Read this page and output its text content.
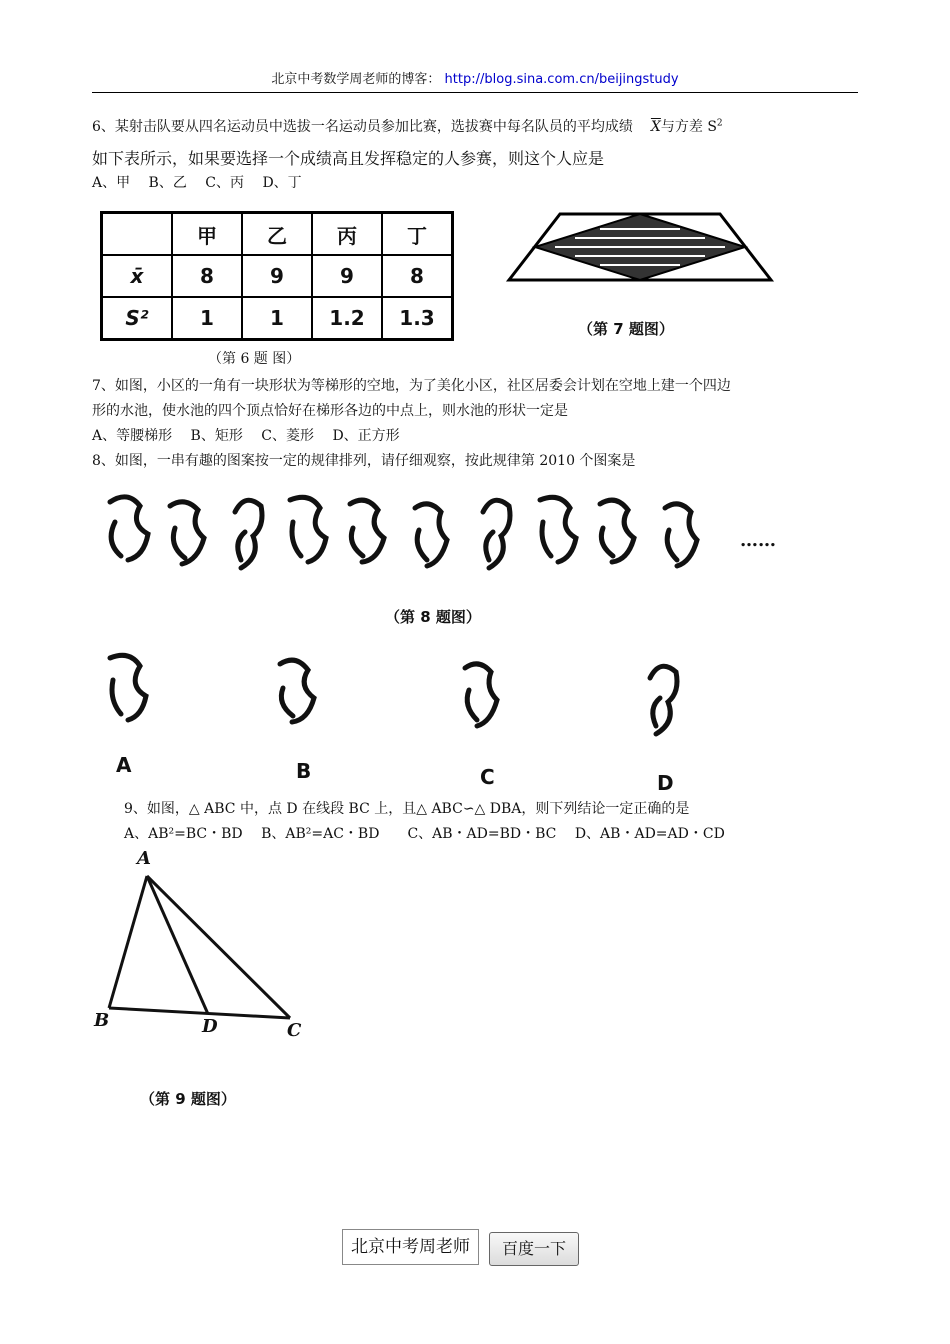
北京中考数学周老师的博客： http://blog.sina.com.cn/beijingstudy
6、某射击队要从四名运动员中选拔一名运动员参加比赛，选拔赛中每名队员的平均成绩 $\overline{X}$与方差 $S^2$
如下表所示，如果要选择一个成绩高且发挥稳定的人参赛，则这个人应是
A、甲　 B、乙　 C、丙　 D、丁
	甲	乙	丙	丁
x̄	8	9	9	8
S²	1	1	1.2	1.3
（第 6 题 图）
（第 7 题图）
7、如图，小区的一角有一块形状为等梯形的空地，为了美化小区，社区居委会计划在空地上建一个四边
形的水池，使水池的四个顶点恰好在梯形各边的中点上，则水池的形状一定是
A、等腰梯形　 B、矩形　 C、菱形　 D、正方形
8、如图，一串有趣的图案按一定的规律排列，请仔细观察，按此规律第 2010 个图案是
……
（第 8 题图）
A	B	C	D
9、如图，△ ABC 中，点 D 在线段 BC 上，且△ ABC∽△ DBA，则下列结论一定正确的是
A、AB²=BC・BD　 B、AB²=AC・BD　　C、AB・AD=BD・BC　 D、AB・AD=AD・CD
A
B	D	C
（第 9 题图）
北京中考周老师	百度一下
